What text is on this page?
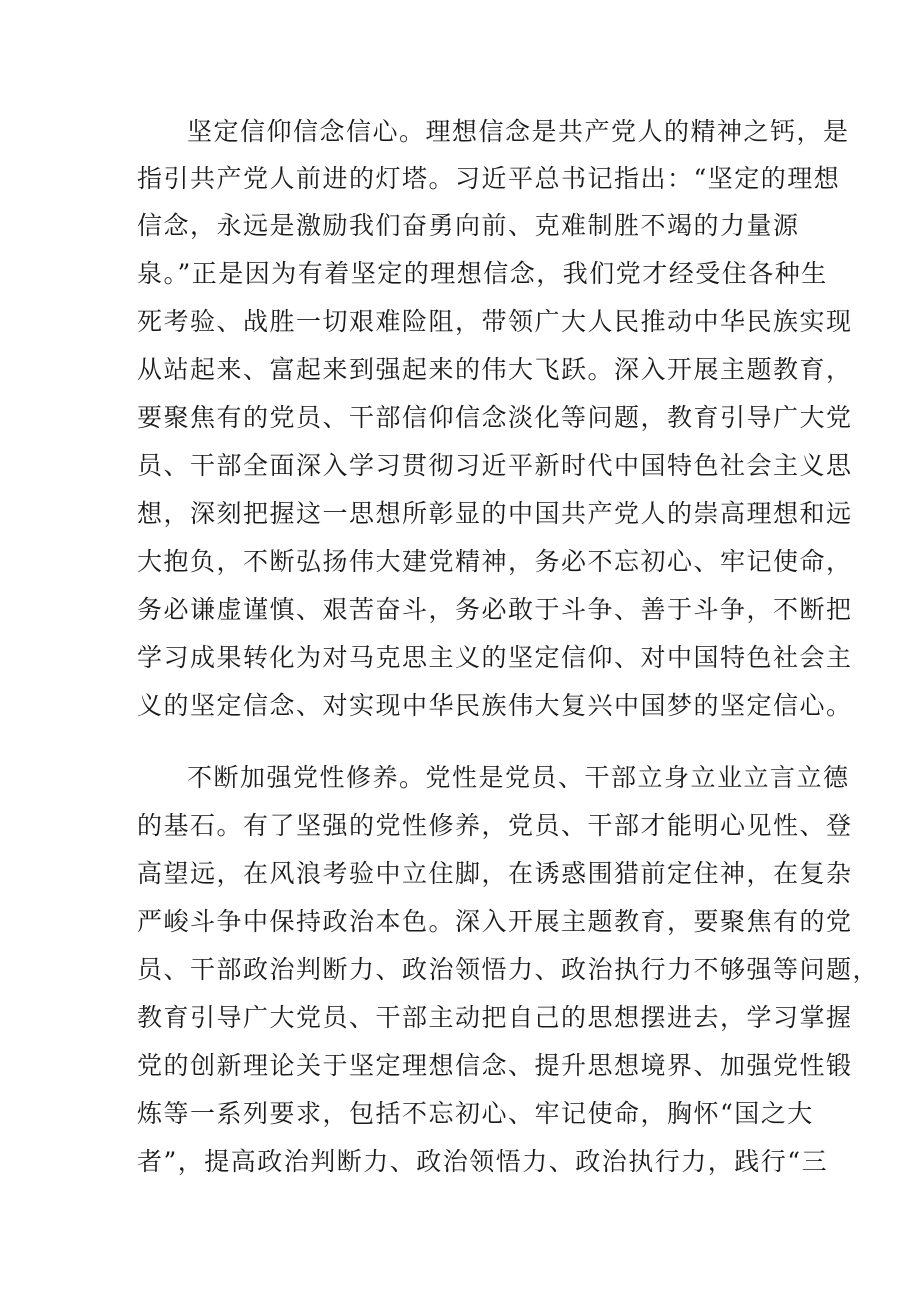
坚定信仰信念信心。理想信念是共产党人的精神之钙，是
指引共产党人前进的灯塔。习近平总书记指出：“坚定的理想
信念，永远是激励我们奋勇向前、克难制胜不竭的力量源
泉。”正是因为有着坚定的理想信念，我们党才经受住各种生
死考验、战胜一切艰难险阻，带领广大人民推动中华民族实现
从站起来、富起来到强起来的伟大飞跃。深入开展主题教育，
要聚焦有的党员、干部信仰信念淡化等问题，教育引导广大党
员、干部全面深入学习贯彻习近平新时代中国特色社会主义思
想，深刻把握这一思想所彰显的中国共产党人的崇高理想和远
大抱负，不断弘扬伟大建党精神，务必不忘初心、牢记使命，
务必谦虚谨慎、艰苦奋斗，务必敢于斗争、善于斗争，不断把
学习成果转化为对马克思主义的坚定信仰、对中国特色社会主
义的坚定信念、对实现中华民族伟大复兴中国梦的坚定信心。
不断加强党性修养。党性是党员、干部立身立业立言立德
的基石。有了坚强的党性修养，党员、干部才能明心见性、登
高望远，在风浪考验中立住脚，在诱惑围猎前定住神，在复杂
严峻斗争中保持政治本色。深入开展主题教育，要聚焦有的党
员、干部政治判断力、政治领悟力、政治执行力不够强等问题，
教育引导广大党员、干部主动把自己的思想摆进去，学习掌握
党的创新理论关于坚定理想信念、提升思想境界、加强党性锻
炼等一系列要求，包括不忘初心、牢记使命，胸怀“国之大
者”，提高政治判断力、政治领悟力、政治执行力，践行“三
